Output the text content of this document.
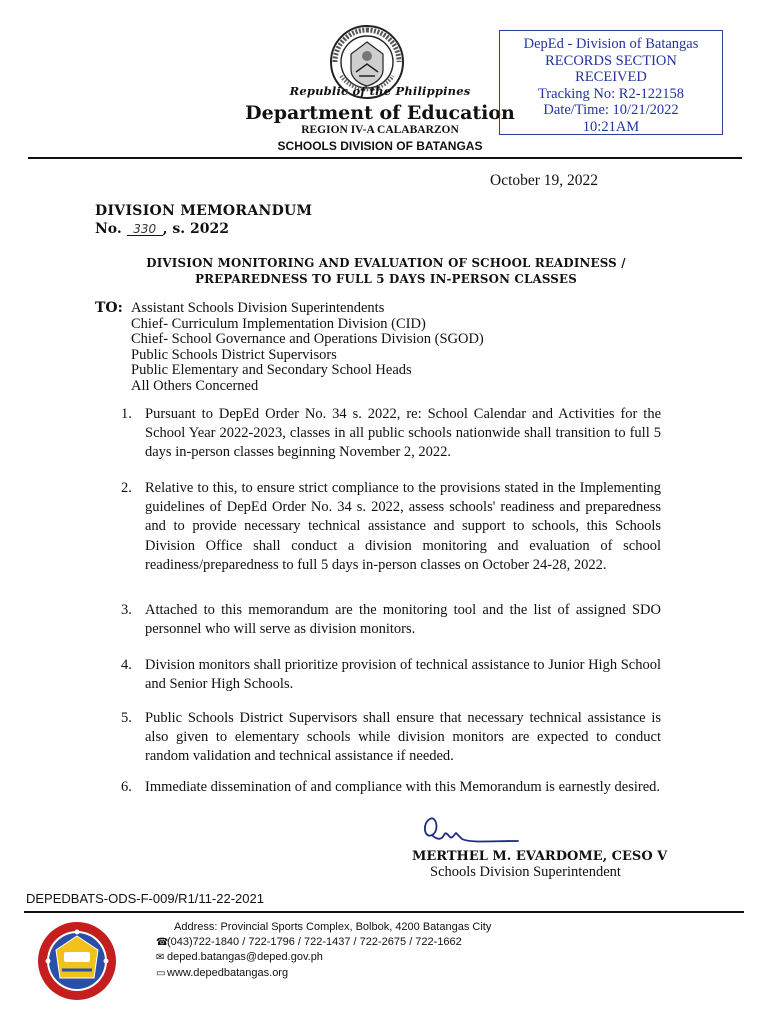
Republic of the Philippines
Department of Education
REGION IV-A CALABARZON
SCHOOLS DIVISION OF BATANGAS
DepEd - Division of Batangas
RECORDS SECTION
RECEIVED
Tracking No: R2-122158
Date/Time: 10/21/2022
10:21AM
October 19, 2022
DIVISION MEMORANDUM
No. 330 , s. 2022
DIVISION MONITORING AND EVALUATION OF SCHOOL READINESS /
PREPAREDNESS TO FULL 5 DAYS IN-PERSON CLASSES
TO: Assistant Schools Division Superintendents
Chief- Curriculum Implementation Division (CID)
Chief- School Governance and Operations Division (SGOD)
Public Schools District Supervisors
Public Elementary and Secondary School Heads
All Others Concerned
1. Pursuant to DepEd Order No. 34 s. 2022, re: School Calendar and Activities for the School Year 2022-2023, classes in all public schools nationwide shall transition to full 5 days in-person classes beginning November 2, 2022.
2. Relative to this, to ensure strict compliance to the provisions stated in the Implementing guidelines of DepEd Order No. 34 s. 2022, assess schools' readiness and preparedness and to provide necessary technical assistance and support to schools, this Schools Division Office shall conduct a division monitoring and evaluation of school readiness/preparedness to full 5 days in-person classes on October 24-28, 2022.
3. Attached to this memorandum are the monitoring tool and the list of assigned SDO personnel who will serve as division monitors.
4. Division monitors shall prioritize provision of technical assistance to Junior High School and Senior High Schools.
5. Public Schools District Supervisors shall ensure that necessary technical assistance is also given to elementary schools while division monitors are expected to conduct random validation and technical assistance if needed.
6. Immediate dissemination of and compliance with this Memorandum is earnestly desired.
MERTHEL M. EVARDOME, CESO V
Schools Division Superintendent
DEPEDBATS-ODS-F-009/R1/11-22-2021
Address: Provincial Sports Complex, Bolbok, 4200 Batangas City
☎(043)722-1840 / 722-1796 / 722-1437 / 722-2675 / 722-1662
✉ deped.batangas@deped.gov.ph
▭ www.depedbatangas.org
